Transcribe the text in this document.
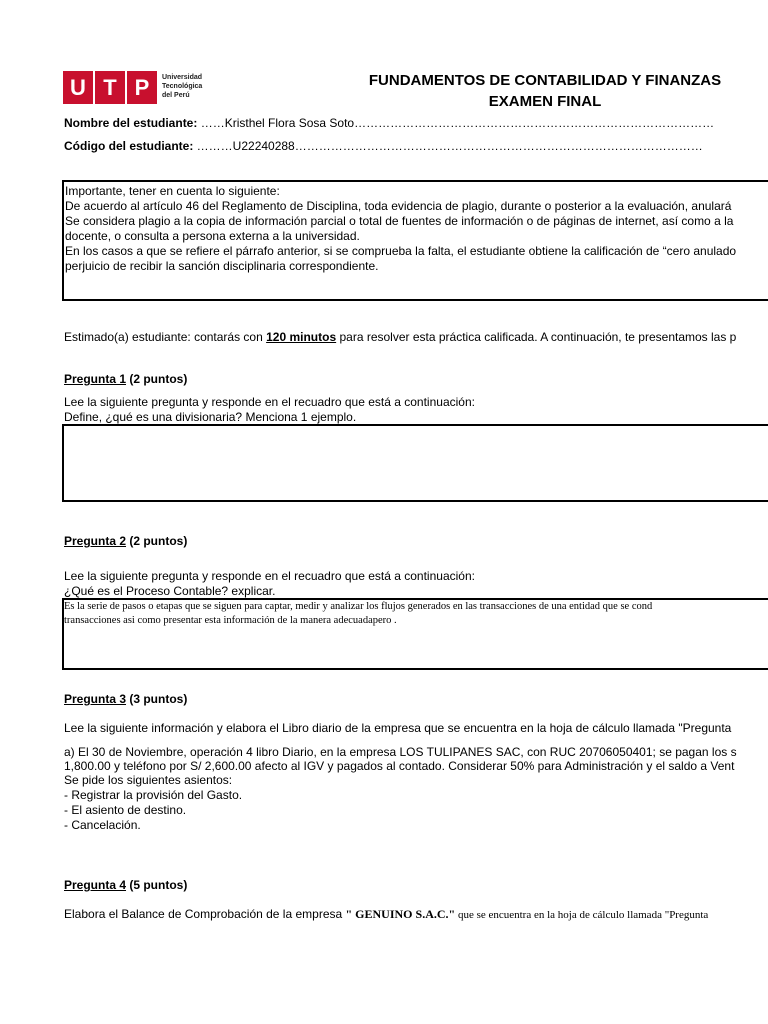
U T P	Universidad
Tecnológica
del Perú
FUNDAMENTOS DE CONTABILIDAD Y FINANZAS
EXAMEN FINAL
Nombre del estudiante: ……Kristhel Flora Sosa Soto………………………………………………………………………………
Código del estudiante: ………U22240288…………………………………………………………………………………………
Importante, tener en cuenta lo siguiente:
De acuerdo al artículo 46 del Reglamento de Disciplina, toda evidencia de plagio, durante o posterior a la evaluación, anulará
Se considera plagio a la copia de información parcial o total de fuentes de información o de páginas de internet, así como a la
docente, o consulta a persona externa a la universidad.
En los casos a que se refiere el párrafo anterior, si se comprueba la falta, el estudiante obtiene la calificación de “cero anulado
perjuicio de recibir la sanción disciplinaria correspondiente.
Estimado(a) estudiante: contarás con 120 minutos para resolver esta práctica calificada. A continuación, te presentamos las p
Pregunta 1 (2 puntos)
Lee la siguiente pregunta y responde en el recuadro que está a continuación:
Define, ¿qué es una divisionaria? Menciona 1 ejemplo.
Pregunta 2 (2 puntos)
Lee la siguiente pregunta y responde en el recuadro que está a continuación:
¿Qué es el Proceso Contable? explicar.
Es la serie de pasos o etapas que se siguen para captar, medir y analizar los flujos generados en las transacciones de una entidad que se cond
transacciones asi como presentar esta información de la manera adecuadapero .
Pregunta 3 (3 puntos)
Lee la siguiente información y elabora el Libro diario de la empresa que se encuentra en la hoja de cálculo llamada "Pregunta
a) El 30 de Noviembre, operación 4 libro Diario, en la empresa LOS TULIPANES SAC, con RUC 20706050401; se pagan los s
1,800.00 y teléfono por S/ 2,600.00 afecto al IGV y pagados al contado. Considerar 50% para Administración y el saldo a Vent
Se pide los siguientes asientos:
- Registrar la provisión del Gasto.
- El asiento de destino.
- Cancelación.
Pregunta 4 (5 puntos)
Elabora el Balance de Comprobación de la empresa " GENUINO S.A.C." que se encuentra en la hoja de cálculo llamada "Pregunta
